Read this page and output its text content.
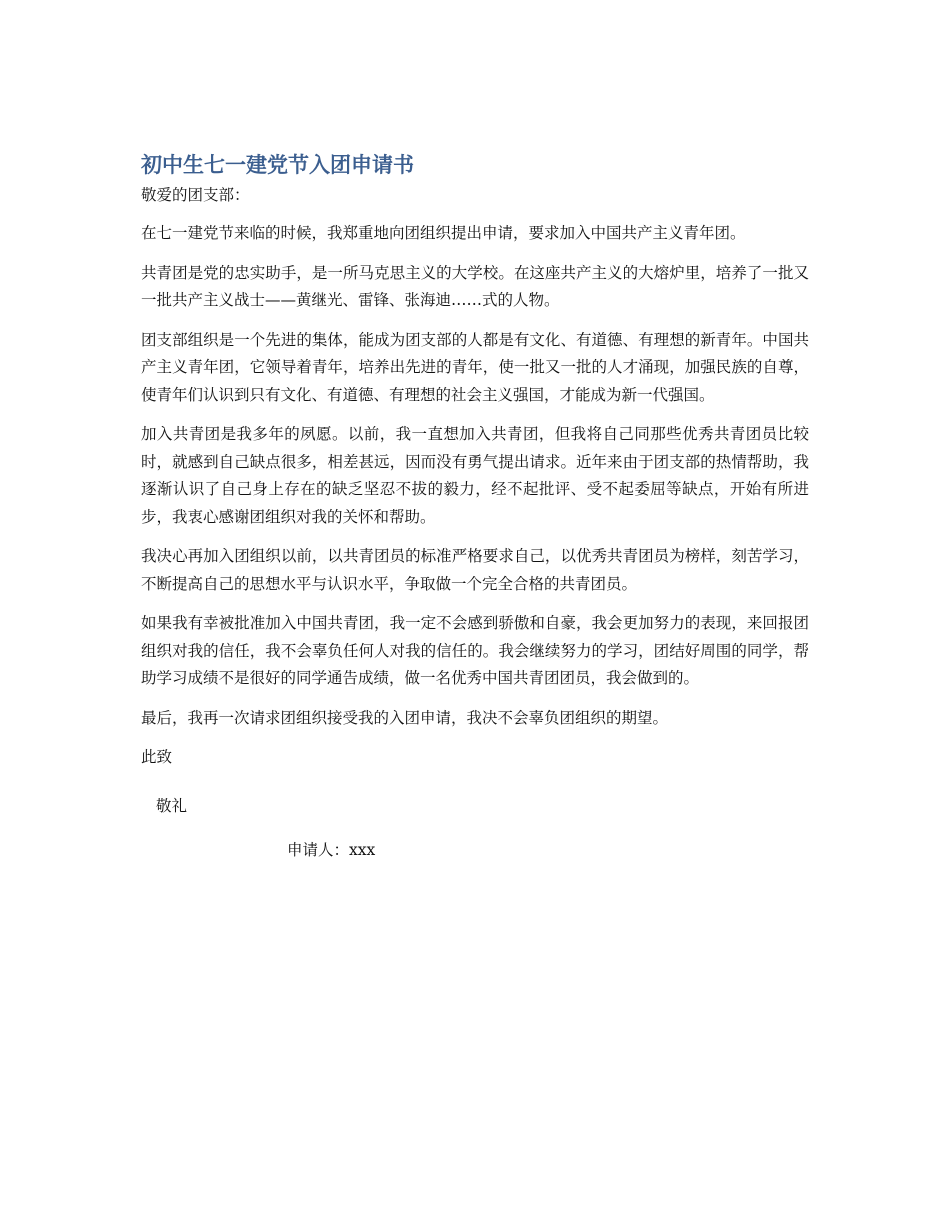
初中生七一建党节入团申请书

敬爱的团支部：

在七一建党节来临的时候，我郑重地向团组织提出申请，要求加入中国共产主义青年团。

共青团是党的忠实助手，是一所马克思主义的大学校。在这座共产主义的大熔炉里，培养了一批又一批共产主义战士——黄继光、雷锋、张海迪……式的人物。

团支部组织是一个先进的集体，能成为团支部的人都是有文化、有道德、有理想的新青年。中国共产主义青年团，它领导着青年，培养出先进的青年，使一批又一批的人才涌现，加强民族的自尊，使青年们认识到只有文化、有道德、有理想的社会主义强国，才能成为新一代强国。

加入共青团是我多年的夙愿。以前，我一直想加入共青团，但我将自己同那些优秀共青团员比较时，就感到自己缺点很多，相差甚远，因而没有勇气提出请求。近年来由于团支部的热情帮助，我逐渐认识了自己身上存在的缺乏坚忍不拔的毅力，经不起批评、受不起委屈等缺点，开始有所进步，我衷心感谢团组织对我的关怀和帮助。

我决心再加入团组织以前，以共青团员的标准严格要求自己，以优秀共青团员为榜样，刻苦学习，不断提高自己的思想水平与认识水平，争取做一个完全合格的共青团员。

如果我有幸被批准加入中国共青团，我一定不会感到骄傲和自豪，我会更加努力的表现，来回报团组织对我的信任，我不会辜负任何人对我的信任的。我会继续努力的学习，团结好周围的同学，帮助学习成绩不是很好的同学通告成绩，做一名优秀中国共青团团员，我会做到的。

最后，我再一次请求团组织接受我的入团申请，我决不会辜负团组织的期望。

此致

敬礼

申请人：xxx
